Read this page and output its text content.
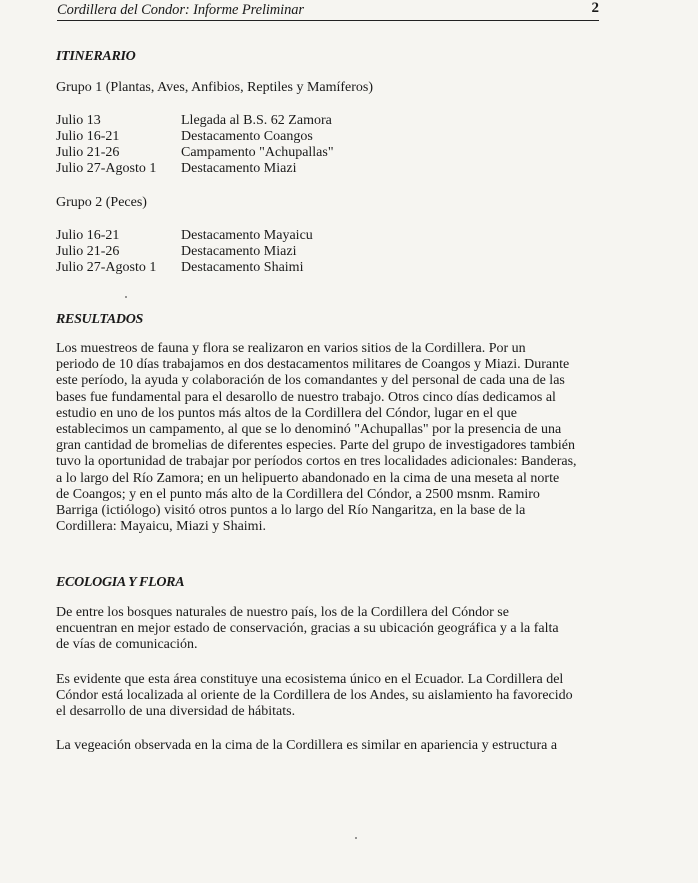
Cordillera del Condor: Informe Preliminar	2
ITINERARIO
Grupo 1 (Plantas, Aves, Anfibios, Reptiles y Mamíferos)
Julio 13	Llegada al B.S. 62 Zamora
Julio 16-21	Destacamento Coangos
Julio 21-26	Campamento "Achupallas"
Julio 27-Agosto 1 Destacamento Miazi
Grupo 2 (Peces)
Julio 16-21	Destacamento Mayaicu
Julio 21-26	Destacamento Miazi
Julio 27-Agosto 1 Destacamento Shaimi
RESULTADOS
Los muestreos de fauna y flora se realizaron en varios sitios de la Cordillera. Por un
periodo de 10 días trabajamos en dos destacamentos militares de Coangos y Miazi. Durante
este período, la ayuda y colaboración de los comandantes y del personal de cada una de las
bases fue fundamental para el desarollo de nuestro trabajo. Otros cinco días dedicamos al
estudio en uno de los puntos más altos de la Cordillera del Cóndor, lugar en el que
establecimos un campamento, al que se lo denominó "Achupallas" por la presencia de una
gran cantidad de bromelias de diferentes especies. Parte del grupo de investigadores también
tuvo la oportunidad de trabajar por períodos cortos en tres localidades adicionales: Banderas,
a lo largo del Río Zamora; en un helipuerto abandonado en la cima de una meseta al norte
de Coangos; y en el punto más alto de la Cordillera del Cóndor, a 2500 msnm. Ramiro
Barriga (ictiólogo) visitó otros puntos a lo largo del Río Nangaritza, en la base de la
Cordillera: Mayaicu, Miazi y Shaimi.
ECOLOGIA Y FLORA
De entre los bosques naturales de nuestro país, los de la Cordillera del Cóndor se
encuentran en mejor estado de conservación, gracias a su ubicación geográfica y a la falta
de vías de comunicación.
Es evidente que esta área constituye una ecosistema único en el Ecuador. La Cordillera del
Cóndor está localizada al oriente de la Cordillera de los Andes, su aislamiento ha favorecido
el desarrollo de una diversidad de hábitats.
La vegeación observada en la cima de la Cordillera es similar en apariencia y estructura a
